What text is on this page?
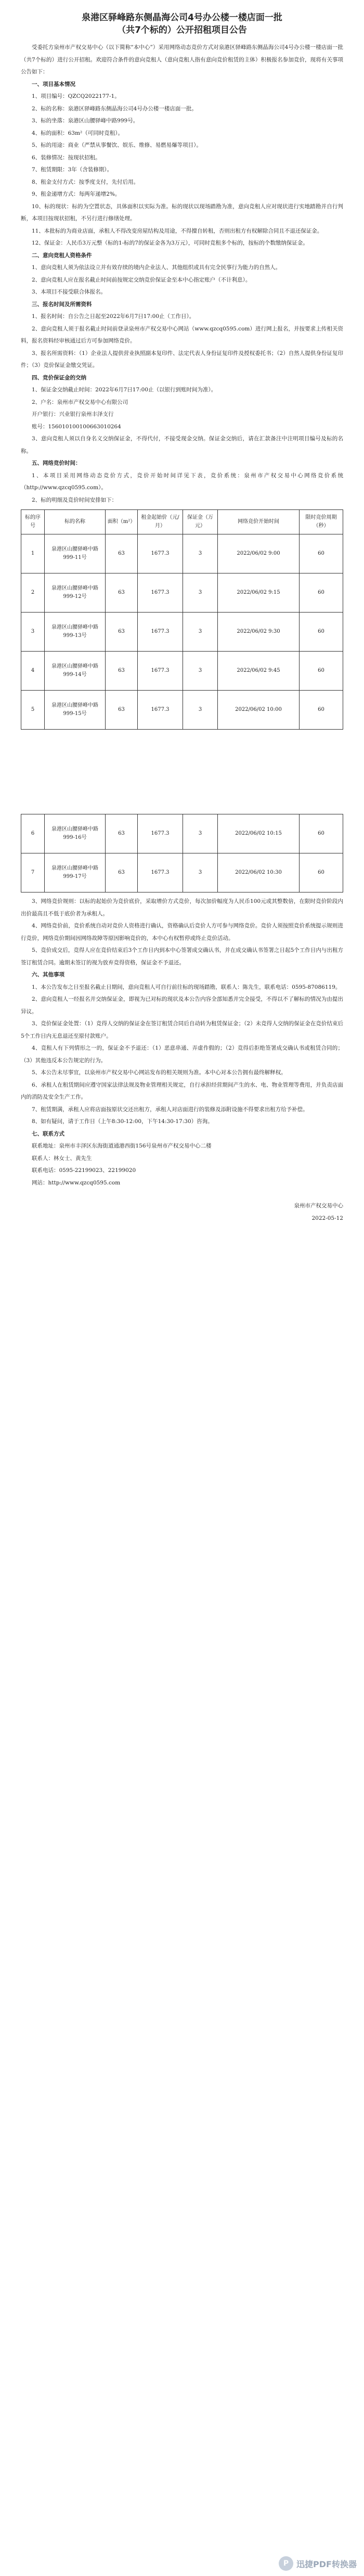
泉港区驿峰路东侧晶海公司4号办公楼一楼店面一批
（共7个标的）公开招租项目公告

受委托方泉州市产权交易中心（以下简称“本中心”）采用网络动态竞价方式对泉港区驿峰路东侧晶海公司4号办公楼一楼店面一批（共7个标的）进行公开招租。欢迎符合条件的意向竞租人（意向竞租人指有意向竞价租赁的主体）积极报名参加竞价，现将有关事项公告如下：

一、项目基本情况

1、项目编号：QZCQ2022177-1。

2、标的名称：泉港区驿峰路东侧晶海公司4号办公楼一楼店面一批。

3、标的坐落：泉港区山腰驿峰中路999号。

4、标的面积：63m²（可同时竞租）。

5、标的用途：商业（严禁从事餐饮、娱乐、维修、易燃易爆等项目）。

6、装修情况：按现状招租。

7、租赁期限：3年（含装修期）。

8、租金支付方式：按季度支付，先付后用。

9、租金递增方式：每两年递增2%。

10、标的现状：标的为空置状态，具体面积以实际为准。标的现状以现场踏勘为准，意向竞租人应对现状进行实地踏勘并自行判断，本项目按现状招租，不另行进行修缮处理。

11、本批标的为商业店面，承租人不得改变房屋结构及用途，不得擅自转租，否则出租方有权解除合同且不退还保证金。

12、保证金：人民币3万元整（标的1-标的7的保证金各为3万元），可同时竞租多个标的，按标的个数缴纳保证金。

二、意向竞租人资格条件

1、意向竞租人须为依法设立并有效存续的境内企业法人、其他组织或具有完全民事行为能力的自然人。

2、意向竞租人应在报名截止时间前按规定交纳竞价保证金至本中心指定账户（不计利息）。

3、本项目不接受联合体报名。

三、报名时间及所需资料

1、报名时间：自公告之日起至2022年6月7日17:00止（工作日）。

2、意向竞租人须于报名截止时间前登录泉州市产权交易中心网站（www.qzcq0595.com）进行网上报名，并按要求上传相关资料，报名资料经审核通过后方可参加网络竞价。

3、报名所需资料：（1）企业法人提供营业执照副本复印件、法定代表人身份证复印件及授权委托书；（2）自然人提供身份证复印件；（3）竞价保证金缴交凭证。

四、竞价保证金的交纳

1、保证金交纳截止时间：2022年6月7日17:00止（以银行到账时间为准）。

2、户名：泉州市产权交易中心有限公司

开户银行：兴业银行泉州丰泽支行

账号：156010100100663010264

3、意向竞租人须以自身名义交纳保证金，不得代付，不接受现金交纳。保证金交纳后，请在汇款备注中注明项目编号及标的名称。

五、网络竞价时间：

1、本项目采用网络动态竞价方式，竞价开始时间详见下表，竞价系统：泉州市产权交易中心网络竞价系统（http://www.qzcq0595.com）。

2、标的明细及竞价时间安排如下：

标的序号	标的名称	面积（m²）	租金起始价（元/月）	保证金（万元）	网络竞价开始时间	限时竞价周期（秒）
1	泉港区山腰驿峰中路999-11号	63	1677.3	3	2022/06/02 9:00	60
2	泉港区山腰驿峰中路999-12号	63	1677.3	3	2022/06/02 9:15	60
3	泉港区山腰驿峰中路999-13号	63	1677.3	3	2022/06/02 9:30	60
4	泉港区山腰驿峰中路999-14号	63	1677.3	3	2022/06/02 9:45	60
5	泉港区山腰驿峰中路999-15号	63	1677.3	3	2022/06/02 10:00	60
6	泉港区山腰驿峰中路999-16号	63	1677.3	3	2022/06/02 10:15	60
7	泉港区山腰驿峰中路999-17号	63	1677.3	3	2022/06/02 10:30	60

3、网络竞价规则：以标的起始价为竞价底价，采取增价方式竞价，每次加价幅度为人民币100元或其整数倍，在限时竞价阶段内出价最高且不低于底价者为承租人。

4、网络竞价前，竞价系统自动对竞价人资格进行确认，资格确认后竞价人方可参与网络竞价。竞价人须按照竞价系统提示规则进行竞价，网络竞价期间因网络故障等原因影响竞价的，本中心有权暂停或终止竞价活动。

5、竞价成交后，竞得人应在竞价结束后3个工作日内到本中心签署成交确认书，并在成交确认书签署之日起5个工作日内与出租方签订租赁合同。逾期未签订的视为放弃竞得资格，保证金不予退还。

六、其他事项

1、本公告发布之日至报名截止日期间，意向竞租人可自行前往标的现场踏勘，联系人：陈先生，联系电话：0595-87086119。

2、意向竞租人一经报名并交纳保证金，即视为已对标的现状及本公告内容全部知悉并完全接受，不得以不了解标的情况为由提出异议。

3、竞价保证金处置：（1）竞得人交纳的保证金在签订租赁合同后自动转为租赁保证金；（2）未竞得人交纳的保证金在竞价结束后5个工作日内无息退还至原付款账户。

4、竞租人有下列情形之一的，保证金不予退还：（1）恶意串通、弄虚作假的；（2）竞得后拒绝签署成交确认书或租赁合同的；（3）其他违反本公告规定的行为。

5、本公告未尽事宜，以泉州市产权交易中心网站发布的相关规则为准。本中心对本公告拥有最终解释权。

6、承租人在租赁期间应遵守国家法律法规及物业管理相关规定，自行承担经营期间产生的水、电、物业管理等费用，并负责店面内的消防及安全生产工作。

7、租赁期满，承租人应将店面按原状交还出租方，承租人对店面进行的装修及添附设施不得要求出租方给予补偿。

8、如有疑问，请于工作日（上午8:30-12:00，下午14:30-17:30）咨询。

七、联系方式

联系地址：泉州市丰泽区东海街道通港西街156号泉州市产权交易中心二楼

联系人：林女士、黄先生

联系电话：0595-22199023、22199020

网站：http://www.qzcq0595.com

泉州市产权交易中心
2022-05-12
P 迅捷PDF转换器
